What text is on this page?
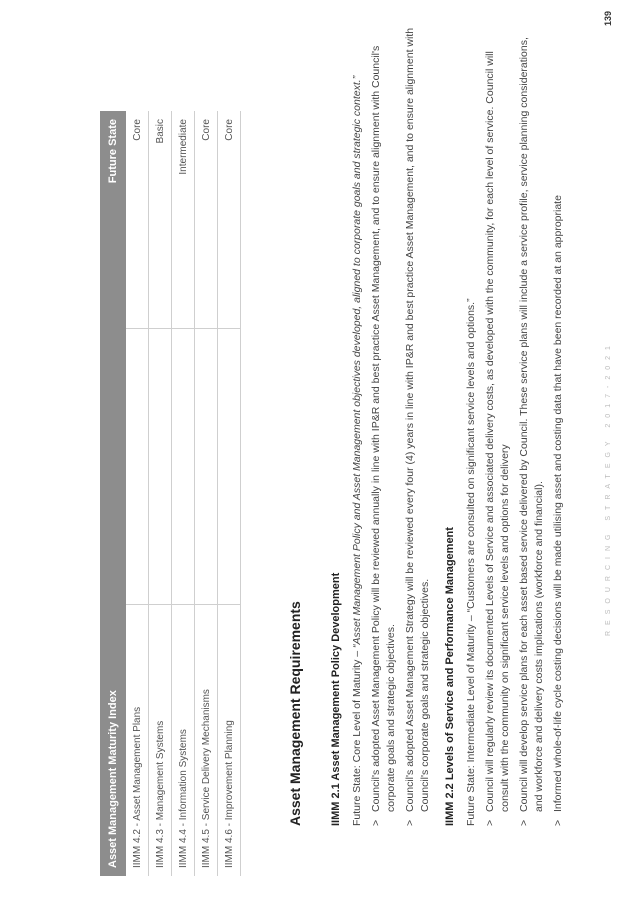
Asset Management Maturity Index		Future State
IIMM 4.2 - Asset Management Plans		Core
IIMM 4.3 - Management Systems		Basic
IIMM 4.4 - Information Systems		Intermediate
IIMM 4.5 - Service Delivery Mechanisms		Core
IIMM 4.6 - Improvement Planning		Core
Asset Management Requirements IIMM 2.1 Asset Management Policy Development Future State: Core Level of Maturity – “Asset Management Policy and Asset Management objectives developed, aligned to corporate goals and strategic context.” > Council's adopted Asset Management Policy will be reviewed annually in line with IP&R and best practice Asset Management, and to ensure alignment with Council's corporate goals and strategic objectives. > Council's adopted Asset Management Strategy will be reviewed every four (4) years in line with IP&R and best practice Asset Management, and to ensure alignment with Council's corporate goals and strategic objectives. IIMM 2.2 Levels of Service and Performance Management Future State: Intermediate Level of Maturity – “Customers are consulted on significant service levels and options.” > Council will regularly review its documented Levels of Service and associated delivery costs, as developed with the community, for each level of service. Council will consult with the community on significant service levels and options for delivery > Council will develop service plans for each asset based service delivered by Council. These service plans will include a service profile, service planning considerations, and workforce and delivery costs implications (workforce and financial). > Informed whole-of-life cycle costing decisions will be made utilising asset and costing data that have been recorded at an appropriate	RESOURCING STRATEGY 2017-2021
139
